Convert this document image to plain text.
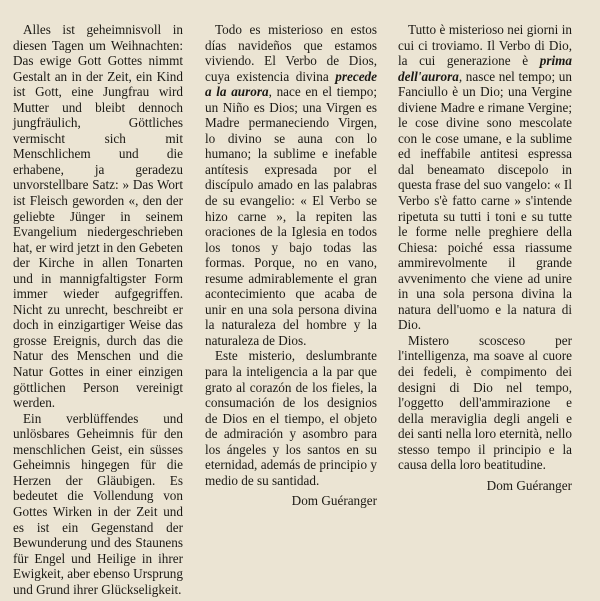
Alles ist geheimnisvoll in diesen Tagen um Weihnachten: Das ewige Gott Gottes nimmt Gestalt an in der Zeit, ein Kind ist Gott, eine Jungfrau wird Mutter und bleibt dennoch jungfräulich, Göttliches vermischt sich mit Menschlichem und die erhabene, ja geradezu unvorstellbare Satz: » Das Wort ist Fleisch geworden «, den der geliebte Jünger in seinem Evangelium niedergeschrieben hat, er wird jetzt in den Gebeten der Kirche in allen Tonarten und in mannigfaltigster Form immer wieder aufgegriffen. Nicht zu unrecht, beschreibt er doch in einzigartiger Weise das grosse Ereignis, durch das die Natur des Menschen und die Natur Gottes in einer einzigen göttlichen Person vereinigt werden.

Ein verblüffendes und unlösbares Geheimnis für den menschlichen Geist, ein süsses Geheimnis hingegen für die Herzen der Gläubigen. Es bedeutet die Vollendung von Gottes Wirken in der Zeit und es ist ein Gegenstand der Bewunderung und des Staunens für Engel und Heilige in ihrer Ewigkeit, aber ebenso Ursprung und Grund ihrer Glückseligkeit.

Todo es misterioso en estos días navideños que estamos viviendo. El Verbo de Dios, cuya existencia divina precede a la aurora, nace en el tiempo; un Niño es Dios; una Virgen es Madre permaneciendo Virgen, lo divino se auna con lo humano; la sublime e inefable antítesis expresada por el discípulo amado en las palabras de su evangelio: « El Verbo se hizo carne », la repiten las oraciones de la Iglesia en todos los tonos y bajo todas las formas. Porque, no en vano, resume admirablemente el gran acontecimiento que acaba de unir en una sola persona divina la naturaleza del hombre y la naturaleza de Dios.

Este misterio, deslumbrante para la inteligencia a la par que grato al corazón de los fieles, la consumación de los designios de Dios en el tiempo, el objeto de admiración y asombro para los ángeles y los santos en su eternidad, además de principio y medio de su santidad.

Dom Guéranger

Tutto è misterioso nei giorni in cui ci troviamo. Il Verbo di Dio, la cui generazione è prima dell'aurora, nasce nel tempo; un Fanciullo è un Dio; una Vergine diviene Madre e rimane Vergine; le cose divine sono mescolate con le cose umane, e la sublime ed ineffabile antitesi espressa dal beneamato discepolo in questa frase del suo vangelo: « Il Verbo s'è fatto carne » s'intende ripetuta su tutti i toni e su tutte le forme nelle preghiere della Chiesa: poiché essa riassume ammirevolmente il grande avvenimento che viene ad unire in una sola persona divina la natura dell'uomo e la natura di Dio.

Mistero scosceso per l'intelligenza, ma soave al cuore dei fedeli, è compimento dei designi di Dio nel tempo, l'oggetto dell'ammirazione e della meraviglia degli angeli e dei santi nella loro eternità, nello stesso tempo il principio e la causa della loro beatitudine.

Dom Guéranger
